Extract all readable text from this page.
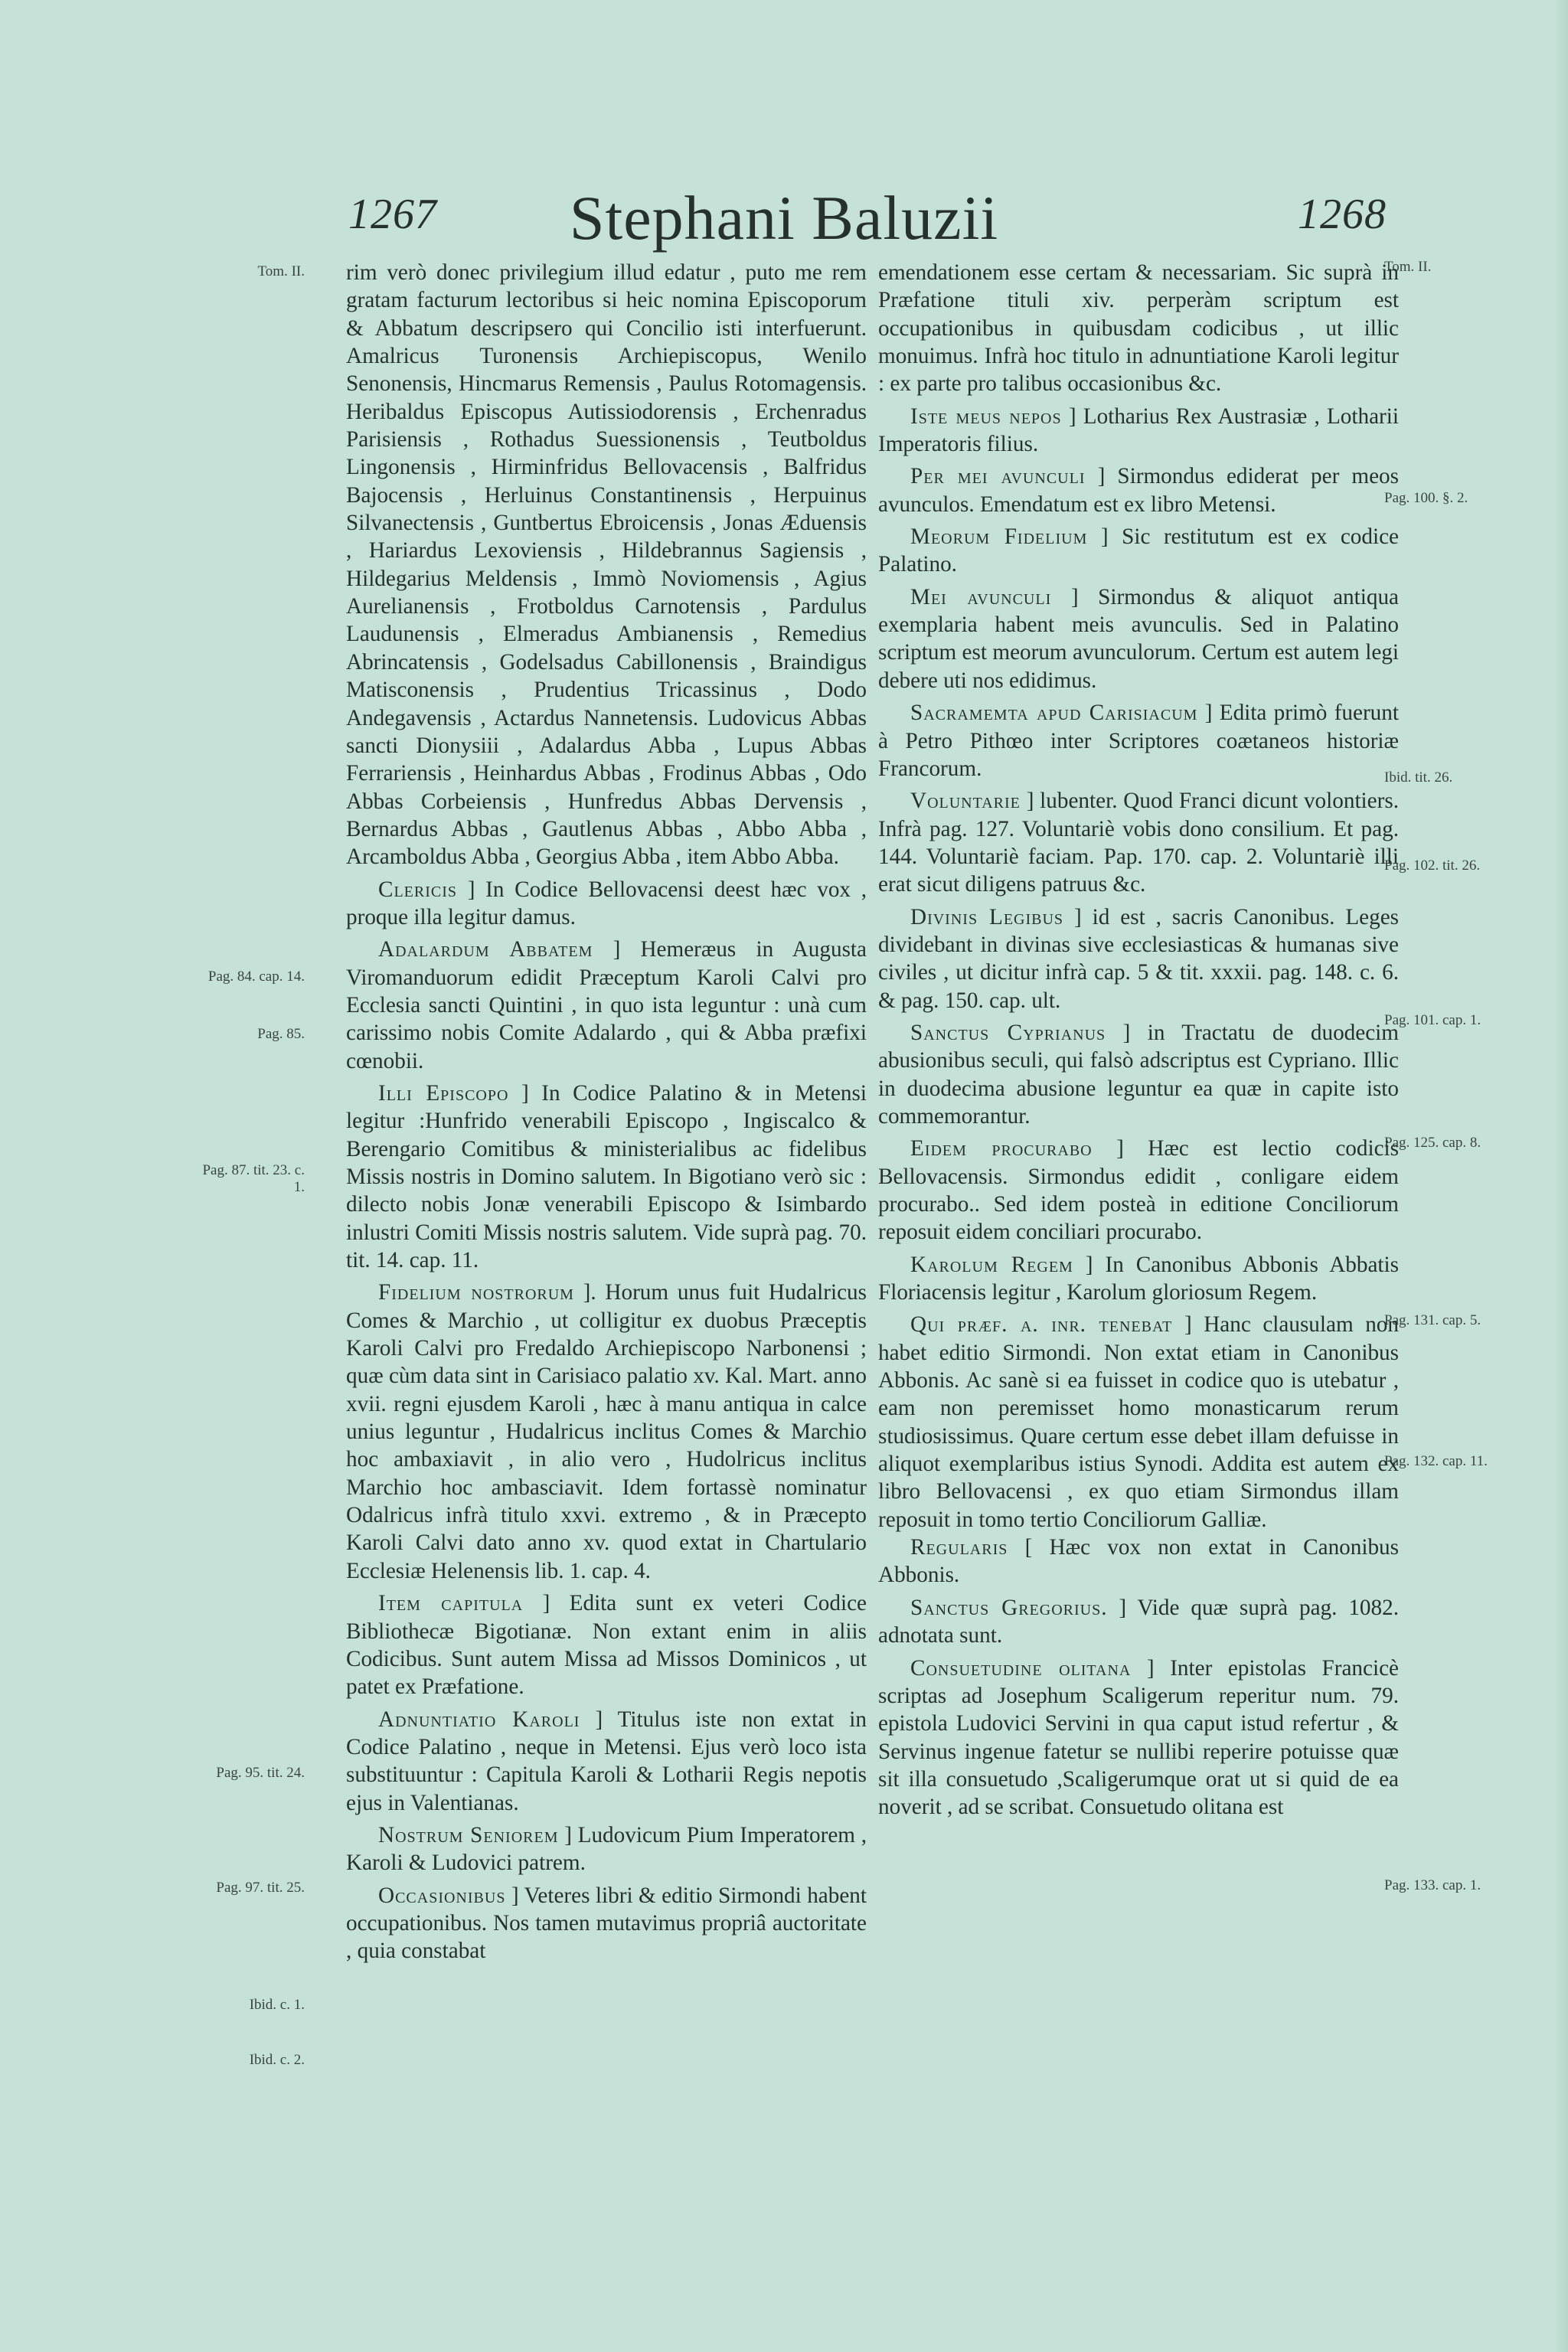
1267	Stephani Baluzii	1268
Tom. II.
Pag. 84. cap. 14.
Pag. 85.
Pag. 87. tit. 23. c. 1.
Pag. 95. tit. 24.
Pag. 97. tit. 25.
Ibid. c. 1.
Ibid. c. 2.
Tom. II.
Pag. 100. §. 2.
Ibid. tit. 26.
Pag. 102. tit. 26.
Pag. 101. cap. 1.
Pag. 125. cap. 8.
Pag. 131. cap. 5.
Pag. 132. cap. 11.
Pag. 133. cap. 1.

rim verò donec privilegium illud edatur , puto me rem gratam facturum lectoribus si heic nomina Episcoporum & Abbatum descripsero qui Concilio isti interfuerunt. Amalricus Turonensis Archiepiscopus, Wenilo Senonensis, Hincmarus Remensis , Paulus Rotomagensis. Heribaldus Episcopus Autissiodorensis , Erchenradus Parisiensis , Rothadus Suessionensis , Teutboldus Lingonensis , Hirminfridus Bellovacensis , Balfridus Bajocensis , Herluinus Constantinensis , Herpuinus Silvanectensis , Guntbertus Ebroicensis , Jonas Æduensis , Hariardus Lexoviensis , Hildebrannus Sagiensis , Hildegarius Meldensis , Immò Noviomensis , Agius Aurelianensis , Frotboldus Carnotensis , Pardulus Laudunensis , Elmeradus Ambianensis , Remedius Abrincatensis , Godelsadus Cabillonensis , Braindigus Matisconensis , Prudentius Tricassinus , Dodo Andegavensis , Actardus Nannetensis. Ludovicus Abbas sancti Dionysiii , Adalardus Abba , Lupus Abbas Ferrariensis , Heinhardus Abbas , Frodinus Abbas , Odo Abbas Corbeiensis , Hunfredus Abbas Dervensis , Bernardus Abbas , Gautlenus Abbas , Abbo Abba , Arcamboldus Abba , Georgius Abba , item Abbo Abba.

Clericis ] In Codice Bellovacensi deest hæc vox , proque illa legitur damus.

Adalardum Abbatem ] Hemeræus in Augusta Viromanduorum edidit Præceptum Karoli Calvi pro Ecclesia sancti Quintini , in quo ista leguntur : unà cum carissimo nobis Comite Adalardo , qui & Abba præfixi cœnobii.

Illi Episcopo ] In Codice Palatino & in Metensi legitur :Hunfrido venerabili Episcopo , Ingiscalco & Berengario Comitibus & ministerialibus ac fidelibus Missis nostris in Domino salutem. In Bigotiano verò sic : dilecto nobis Jonæ venerabili Episcopo & Isimbardo inlustri Comiti Missis nostris salutem. Vide suprà pag. 70. tit. 14. cap. 11.

Fidelium nostrorum ]. Horum unus fuit Hudalricus Comes & Marchio , ut colligitur ex duobus Præceptis Karoli Calvi pro Fredaldo Archiepiscopo Narbonensi ; quæ cùm data sint in Carisiaco palatio xv. Kal. Mart. anno xvii. regni ejusdem Karoli , hæc à manu antiqua in calce unius leguntur , Hudalricus inclitus Comes & Marchio hoc ambaxiavit , in alio vero , Hudolricus inclitus Marchio hoc ambasciavit. Idem fortassè nominatur Odalricus infrà titulo xxvi. extremo , & in Præcepto Karoli Calvi dato anno xv. quod extat in Chartulario Ecclesiæ Helenensis lib. 1. cap. 4.

Item capitula ] Edita sunt ex veteri Codice Bibliothecæ Bigotianæ. Non extant enim in aliis Codicibus. Sunt autem Missa ad Missos Dominicos , ut patet ex Præfatione.

Adnuntiatio Karoli ] Titulus iste non extat in Codice Palatino , neque in Metensi. Ejus verò loco ista substituuntur : Capitula Karoli & Lotharii Regis nepotis ejus in Valentianas.

Nostrum Seniorem ] Ludovicum Pium Imperatorem , Karoli & Ludovici patrem.

Occasionibus ] Veteres libri & editio Sirmondi habent occupationibus. Nos tamen mutavimus propriâ auctoritate , quia constabat

emendationem esse certam & necessariam. Sic suprà in Præfatione tituli xiv. perperàm scriptum est occupationibus in quibusdam codicibus , ut illic monuimus. Infrà hoc titulo in adnuntiatione Karoli legitur : ex parte pro talibus occasionibus &c.

Iste meus nepos ] Lotharius Rex Austrasiæ , Lotharii Imperatoris filius.

Per mei avunculi ] Sirmondus ediderat per meos avunculos. Emendatum est ex libro Metensi.

Meorum Fidelium ] Sic restitutum est ex codice Palatino.

Mei avunculi ] Sirmondus & aliquot antiqua exemplaria habent meis avunculis. Sed in Palatino scriptum est meorum avunculorum. Certum est autem legi debere uti nos edidimus.

Sacramemta apud Carisiacum ] Edita primò fuerunt à Petro Pithœo inter Scriptores coætaneos historiæ Francorum.

Voluntarie ] lubenter. Quod Franci dicunt volontiers. Infrà pag. 127. Voluntariè vobis dono consilium. Et pag. 144. Voluntariè faciam. Pap. 170. cap. 2. Voluntariè illi erat sicut diligens patruus &c.

Divinis Legibus ] id est , sacris Canonibus. Leges dividebant in divinas sive ecclesiasticas & humanas sive civiles , ut dicitur infrà cap. 5 & tit. xxxii. pag. 148. c. 6. & pag. 150. cap. ult.

Sanctus Cyprianus ] in Tractatu de duodecim abusionibus seculi, qui falsò adscriptus est Cypriano. Illic in duodecima abusione leguntur ea quæ in capite isto commemorantur.

Eidem procurabo ] Hæc est lectio codicis Bellovacensis. Sirmondus edidit , conligare eidem procurabo.. Sed idem posteà in editione Conciliorum reposuit eidem conciliari procurabo.

Karolum Regem ] In Canonibus Abbonis Abbatis Floriacensis legitur , Karolum gloriosum Regem.

Qui præf. a. inr. tenebat ] Hanc clausulam non habet editio Sirmondi. Non extat etiam in Canonibus Abbonis. Ac sanè si ea fuisset in codice quo is utebatur , eam non peremisset homo monasticarum rerum studiosissimus. Quare certum esse debet illam defuisse in aliquot exemplaribus istius Synodi. Addita est autem ex libro Bellovacensi , ex quo etiam Sirmondus illam reposuit in tomo tertio Conciliorum Galliæ.

Regularis [ Hæc vox non extat in Canonibus Abbonis.

Sanctus Gregorius. ] Vide quæ suprà pag. 1082. adnotata sunt.

Consuetudine olitana ] Inter epistolas Francicè scriptas ad Josephum Scaligerum reperitur num. 79. epistola Ludovici Servini in qua caput istud refertur , & Servinus ingenue fatetur se nullibi reperire potuisse quæ sit illa consuetudo ,Scaligerumque orat ut si quid de ea noverit , ad se scribat. Consuetudo olitana est
